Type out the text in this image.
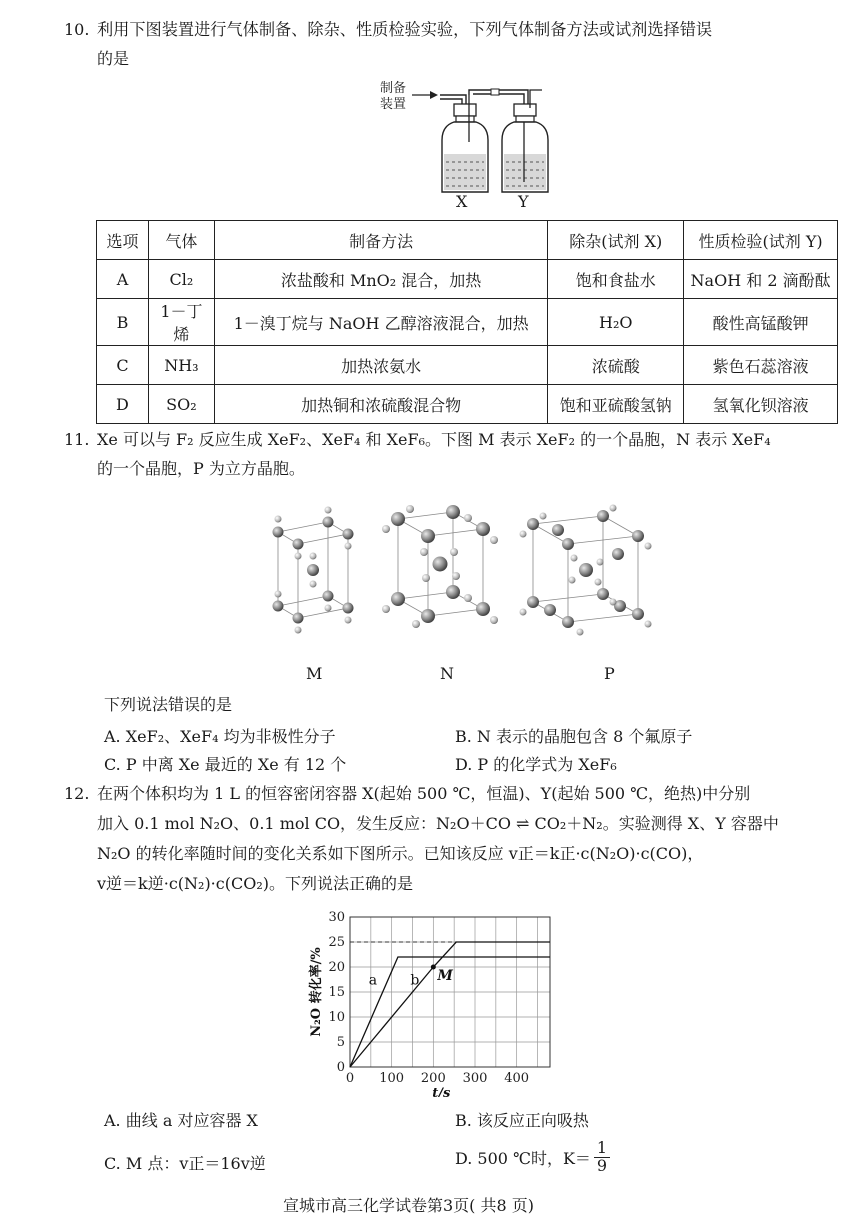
10. 利用下图装置进行气体制备、除杂、性质检验实验，下列气体制备方法或试剂选择错误
的是
制备
装置
X	Y
选项	气体	制备方法	除杂(试剂 X)	性质检验(试剂 Y)
A	Cl₂	浓盐酸和 MnO₂ 混合，加热	饱和食盐水	NaOH 和 2 滴酚酞
B	1－丁烯	1－溴丁烷与 NaOH 乙醇溶液混合，加热	H₂O	酸性高锰酸钾
C	NH₃	加热浓氨水	浓硫酸	紫色石蕊溶液
D	SO₂	加热铜和浓硫酸混合物	饱和亚硫酸氢钠	氢氧化钡溶液
11. Xe 可以与 F₂ 反应生成 XeF₂、XeF₄ 和 XeF₆。下图 M 表示 XeF₂ 的一个晶胞，N 表示 XeF₄
的一个晶胞，P 为立方晶胞。
M	N	P
下列说法错误的是
A. XeF₂、XeF₄ 均为非极性分子	B. N 表示的晶胞包含 8 个氟原子
C. P 中离 Xe 最近的 Xe 有 12 个	D. P 的化学式为 XeF₆
12. 在两个体积均为 1 L 的恒容密闭容器 X(起始 500 ℃，恒温)、Y(起始 500 ℃，绝热)中分别
加入 0.1 mol N₂O、0.1 mol CO，发生反应：N₂O＋CO ⇌ CO₂＋N₂。实验测得 X、Y 容器中
N₂O 的转化率随时间的变化关系如下图所示。已知该反应 v正＝k正·c(N₂O)·c(CO)，
v逆＝k逆·c(N₂)·c(CO₂)。下列说法正确的是
0
5
10
15
20
25
30
0 100 200 300 400
a b M
t/s
N₂O 转化率/%
A. 曲线 a 对应容器 X	B. 该反应正向吸热
C. M 点：v正＝16v逆	D. 500 ℃时，$K= \frac{1}{9}$
宣城市高三化学试卷第3页( 共8 页)
